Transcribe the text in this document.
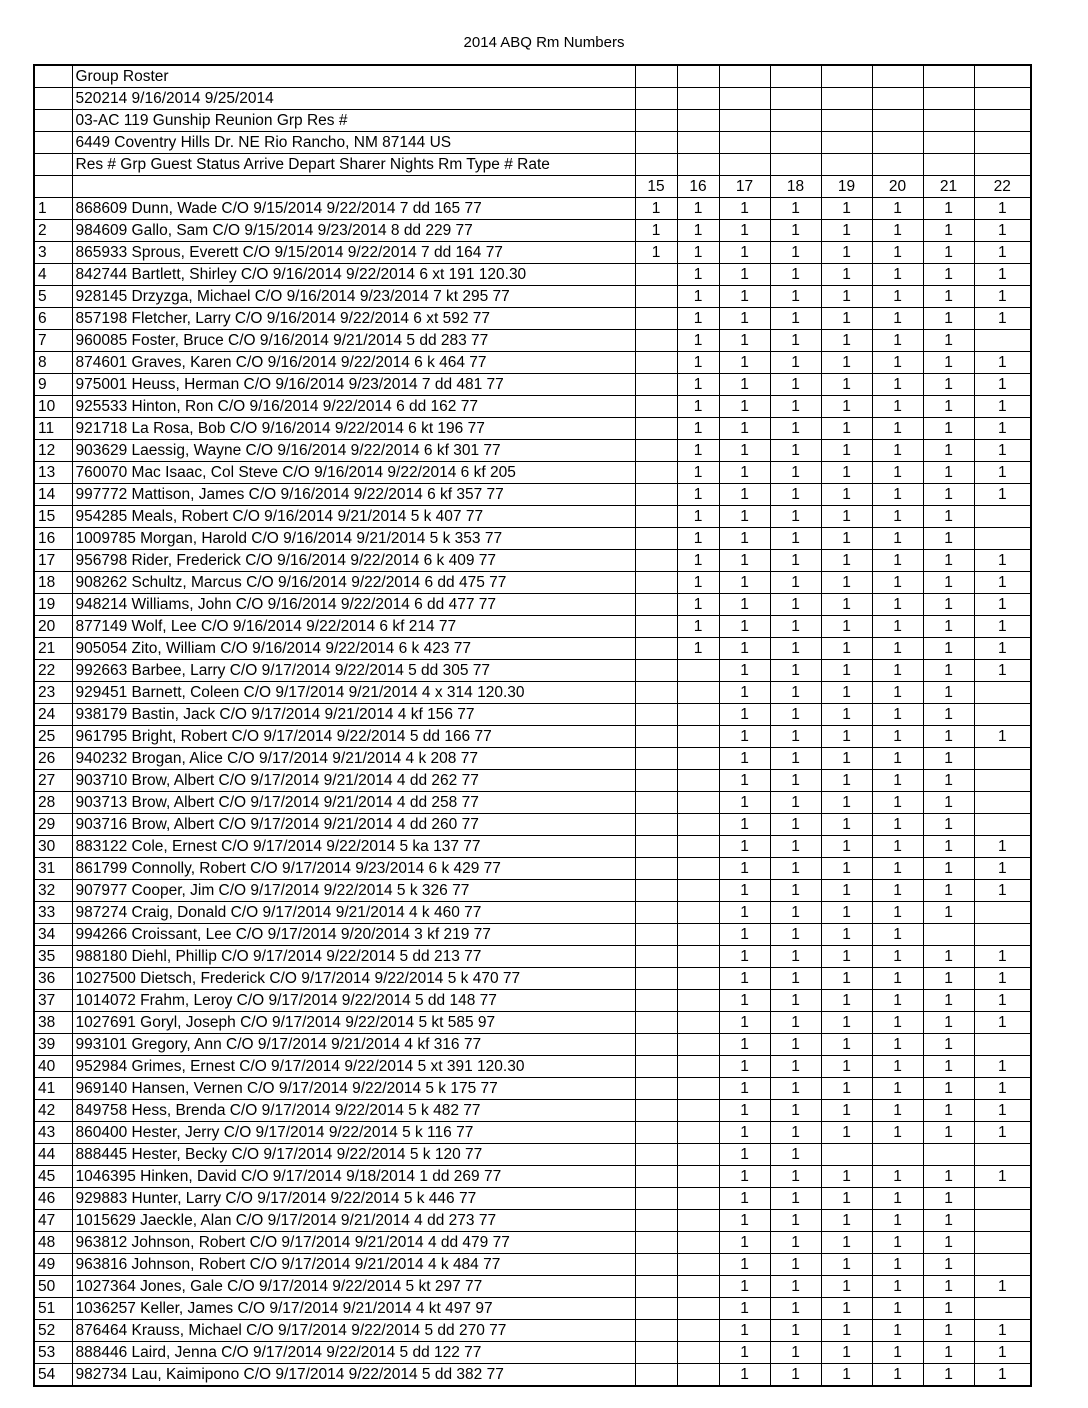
2014 ABQ Rm Numbers
	Group Roster								
	520214 9/16/2014 9/25/2014								
	03-AC 119 Gunship Reunion Grp Res #								
	6449 Coventry Hills Dr. NE Rio Rancho, NM 87144 US								
	Res # Grp Guest Status Arrive Depart Sharer Nights Rm Type # Rate								
		15	16	17	18	19	20	21	22
1	868609 Dunn, Wade C/O 9/15/2014 9/22/2014 7 dd 165 77	1	1	1	1	1	1	1	1
2	984609 Gallo, Sam C/O 9/15/2014 9/23/2014 8 dd 229 77	1	1	1	1	1	1	1	1
3	865933 Sprous, Everett C/O 9/15/2014 9/22/2014 7 dd 164 77	1	1	1	1	1	1	1	1
4	842744 Bartlett, Shirley C/O 9/16/2014 9/22/2014 6 xt 191 120.30		1	1	1	1	1	1	1
5	928145 Drzyzga, Michael C/O 9/16/2014 9/23/2014 7 kt 295 77		1	1	1	1	1	1	1
6	857198 Fletcher, Larry C/O 9/16/2014 9/22/2014 6 xt 592 77		1	1	1	1	1	1	1
7	960085 Foster, Bruce C/O 9/16/2014 9/21/2014 5 dd 283 77		1	1	1	1	1	1	
8	874601 Graves, Karen C/O 9/16/2014 9/22/2014 6 k 464 77		1	1	1	1	1	1	1
9	975001 Heuss, Herman C/O 9/16/2014 9/23/2014 7 dd 481 77		1	1	1	1	1	1	1
10	925533 Hinton, Ron C/O 9/16/2014 9/22/2014 6 dd 162 77		1	1	1	1	1	1	1
11	921718 La Rosa, Bob C/O 9/16/2014 9/22/2014 6 kt 196 77		1	1	1	1	1	1	1
12	903629 Laessig, Wayne C/O 9/16/2014 9/22/2014 6 kf 301 77		1	1	1	1	1	1	1
13	760070 Mac Isaac, Col Steve C/O 9/16/2014 9/22/2014 6 kf 205		1	1	1	1	1	1	1
14	997772 Mattison, James C/O 9/16/2014 9/22/2014 6 kf 357 77		1	1	1	1	1	1	1
15	954285 Meals, Robert C/O 9/16/2014 9/21/2014 5 k 407 77		1	1	1	1	1	1	
16	1009785 Morgan, Harold C/O 9/16/2014 9/21/2014 5 k 353 77		1	1	1	1	1	1	
17	956798 Rider, Frederick C/O 9/16/2014 9/22/2014 6 k 409 77		1	1	1	1	1	1	1
18	908262 Schultz, Marcus C/O 9/16/2014 9/22/2014 6 dd 475 77		1	1	1	1	1	1	1
19	948214 Williams, John C/O 9/16/2014 9/22/2014 6 dd 477 77		1	1	1	1	1	1	1
20	877149 Wolf, Lee C/O 9/16/2014 9/22/2014 6 kf 214 77		1	1	1	1	1	1	1
21	905054 Zito, William C/O 9/16/2014 9/22/2014 6 k 423 77		1	1	1	1	1	1	1
22	992663 Barbee, Larry C/O 9/17/2014 9/22/2014 5 dd 305 77			1	1	1	1	1	1
23	929451 Barnett, Coleen C/O 9/17/2014 9/21/2014 4 x 314 120.30			1	1	1	1	1	
24	938179 Bastin, Jack C/O 9/17/2014 9/21/2014 4 kf 156 77			1	1	1	1	1	
25	961795 Bright, Robert C/O 9/17/2014 9/22/2014 5 dd 166 77			1	1	1	1	1	1
26	940232 Brogan, Alice C/O 9/17/2014 9/21/2014 4 k 208 77			1	1	1	1	1	
27	903710 Brow, Albert C/O 9/17/2014 9/21/2014 4 dd 262 77			1	1	1	1	1	
28	903713 Brow, Albert C/O 9/17/2014 9/21/2014 4 dd 258 77			1	1	1	1	1	
29	903716 Brow, Albert C/O 9/17/2014 9/21/2014 4 dd 260 77			1	1	1	1	1	
30	883122 Cole, Ernest C/O 9/17/2014 9/22/2014 5 ka 137 77			1	1	1	1	1	1
31	861799 Connolly, Robert C/O 9/17/2014 9/23/2014 6 k 429 77			1	1	1	1	1	1
32	907977 Cooper, Jim C/O 9/17/2014 9/22/2014 5 k 326 77			1	1	1	1	1	1
33	987274 Craig, Donald C/O 9/17/2014 9/21/2014 4 k 460 77			1	1	1	1	1	
34	994266 Croissant, Lee C/O 9/17/2014 9/20/2014 3 kf 219 77			1	1	1	1		
35	988180 Diehl, Phillip C/O 9/17/2014 9/22/2014 5 dd 213 77			1	1	1	1	1	1
36	1027500 Dietsch, Frederick C/O 9/17/2014 9/22/2014 5 k 470 77			1	1	1	1	1	1
37	1014072 Frahm, Leroy C/O 9/17/2014 9/22/2014 5 dd 148 77			1	1	1	1	1	1
38	1027691 Goryl, Joseph C/O 9/17/2014 9/22/2014 5 kt 585 97			1	1	1	1	1	1
39	993101 Gregory, Ann C/O 9/17/2014 9/21/2014 4 kf 316 77			1	1	1	1	1	
40	952984 Grimes, Ernest C/O 9/17/2014 9/22/2014 5 xt 391 120.30			1	1	1	1	1	1
41	969140 Hansen, Vernen C/O 9/17/2014 9/22/2014 5 k 175 77			1	1	1	1	1	1
42	849758 Hess, Brenda C/O 9/17/2014 9/22/2014 5 k 482 77			1	1	1	1	1	1
43	860400 Hester, Jerry C/O 9/17/2014 9/22/2014 5 k 116 77			1	1	1	1	1	1
44	888445 Hester, Becky C/O 9/17/2014 9/22/2014 5 k 120 77			1	1				
45	1046395 Hinken, David C/O 9/17/2014 9/18/2014 1 dd 269 77			1	1	1	1	1	1
46	929883 Hunter, Larry C/O 9/17/2014 9/22/2014 5 k 446 77			1	1	1	1	1	
47	1015629 Jaeckle, Alan C/O 9/17/2014 9/21/2014 4 dd 273 77			1	1	1	1	1	
48	963812 Johnson, Robert C/O 9/17/2014 9/21/2014 4 dd 479 77			1	1	1	1	1	
49	963816 Johnson, Robert C/O 9/17/2014 9/21/2014 4 k 484 77			1	1	1	1	1	
50	1027364 Jones, Gale C/O 9/17/2014 9/22/2014 5 kt 297 77			1	1	1	1	1	1
51	1036257 Keller, James C/O 9/17/2014 9/21/2014 4 kt 497 97			1	1	1	1	1	
52	876464 Krauss, Michael C/O 9/17/2014 9/22/2014 5 dd 270 77			1	1	1	1	1	1
53	888446 Laird, Jenna C/O 9/17/2014 9/22/2014 5 dd 122 77			1	1	1	1	1	1
54	982734 Lau, Kaimipono C/O 9/17/2014 9/22/2014 5 dd 382 77			1	1	1	1	1	1
